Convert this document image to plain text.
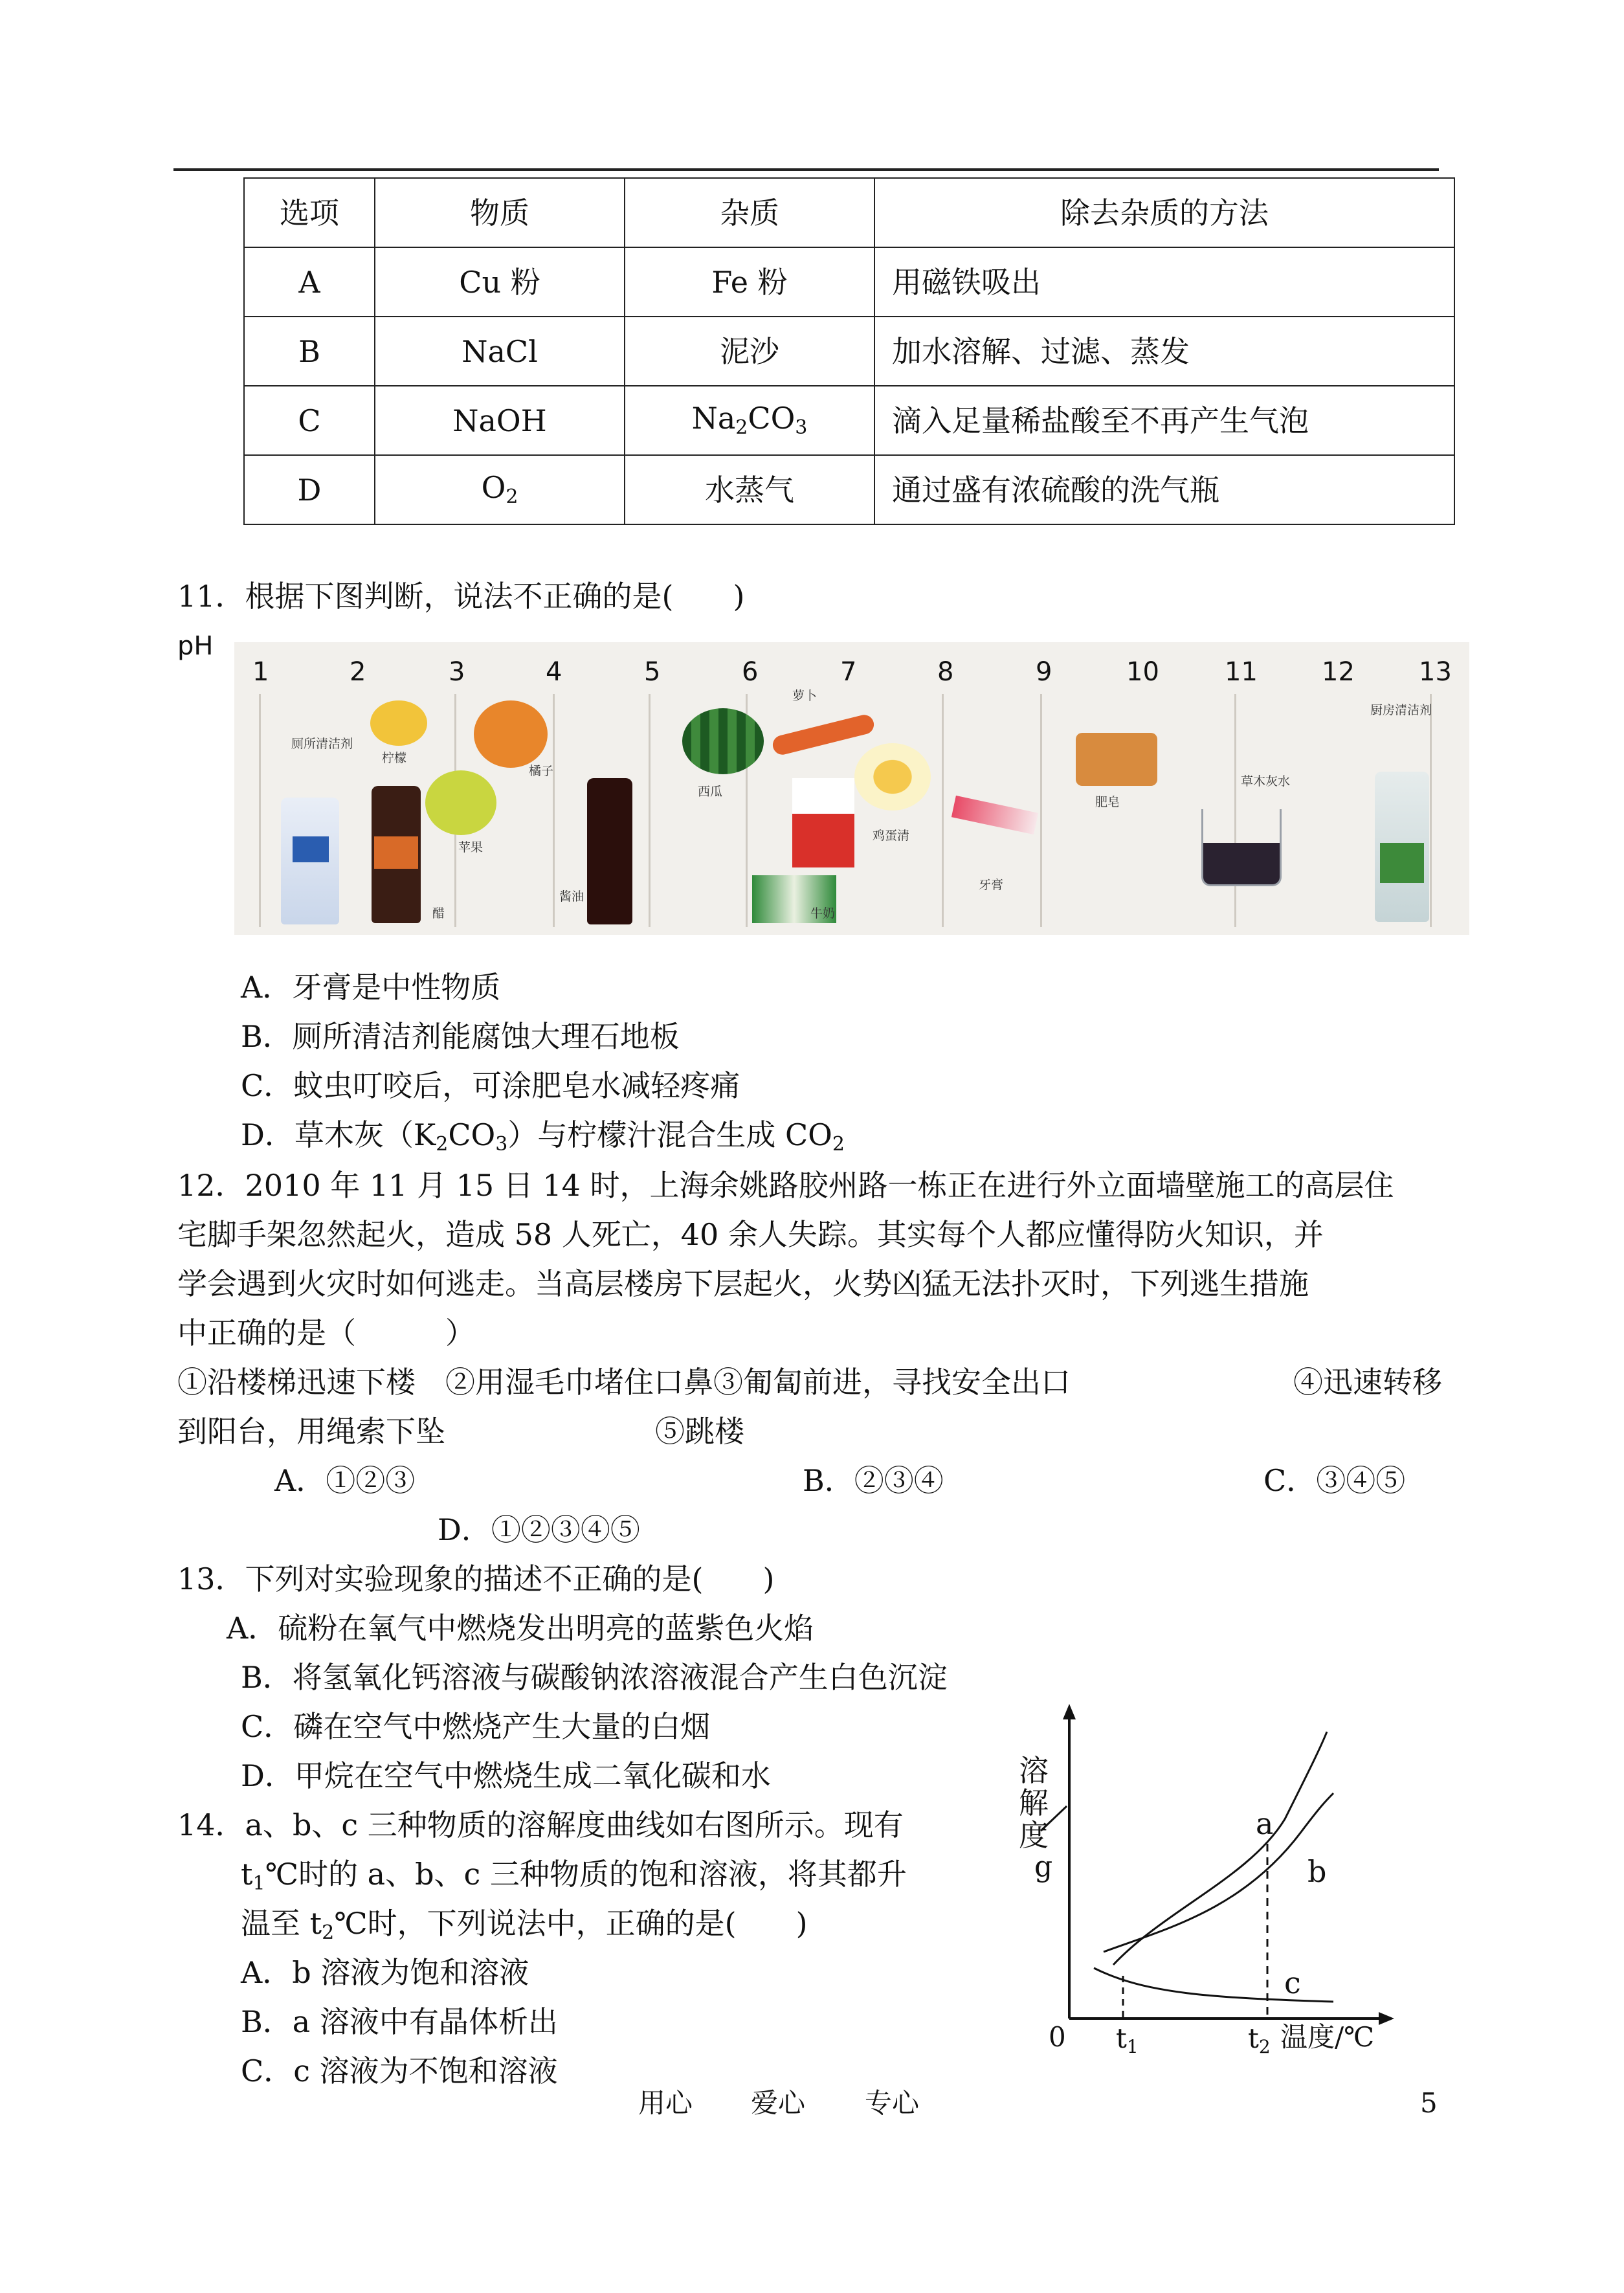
选项	物质	杂质	除去杂质的方法
A	Cu 粉	Fe 粉	用磁铁吸出
B	NaCl	泥沙	加水溶解、过滤、蒸发
C	NaOH	$Na_2CO_3$	滴入足量稀盐酸至不再产生气泡
D	$O_2$	水蒸气	通过盛有浓硫酸的洗气瓶
11．根据下图判断，说法不正确的是(　　)
pH
厕所清洁剂
柠檬
醋
苹果
橘子
酱油
西瓜
萝卜
牛奶
鸡蛋清
牙膏
肥皂
草木灰水
厨房清洁剂
1	2	3	4	5	6	7	8	9	10	11 12 13
A．牙膏是中性物质
B．厕所清洁剂能腐蚀大理石地板
C．蚊虫叮咬后，可涂肥皂水减轻疼痛
D．草木灰$(K_2CO_3)$与柠檬汁混合生成 $CO_2$
12．2010 年 11 月 15 日 14 时，上海余姚路胶州路一栋正在进行外立面墙壁施工的高层住
宅脚手架忽然起火，造成 58 人死亡，40 余人失踪。其实每个人都应懂得防火知识，并
学会遇到火灾时如何逃走。当高层楼房下层起火，火势凶猛无法扑灭时，下列逃生措施
中正确的是（　　　）
①沿楼梯迅速下楼　②用湿毛巾堵住口鼻③匍匐前进，寻找安全出口	④迅速转移
到阳台，用绳索下坠	⑤跳楼
A．①②③	B．②③④	C．③④⑤
D．①②③④⑤
13．下列对实验现象的描述不正确的是(　　)
A．硫粉在氧气中燃烧发出明亮的蓝紫色火焰
B．将氢氧化钙溶液与碳酸钠浓溶液混合产生白色沉淀
C．磷在空气中燃烧产生大量的白烟
D．甲烷在空气中燃烧生成二氧化碳和水
14．a、b、c 三种物质的溶解度曲线如右图所示。现有
$t_1℃$时的 a、b、c 三种物质的饱和溶液，将其都升
温至 $t_2℃$时，下列说法中，正确的是(　　)
A．b 溶液为饱和溶液
B．a 溶液中有晶体析出
C．c 溶液为不饱和溶液
溶
解
度
g
a
b
c
0 t1	t2 温度/℃
用心 爱心 专心	5
